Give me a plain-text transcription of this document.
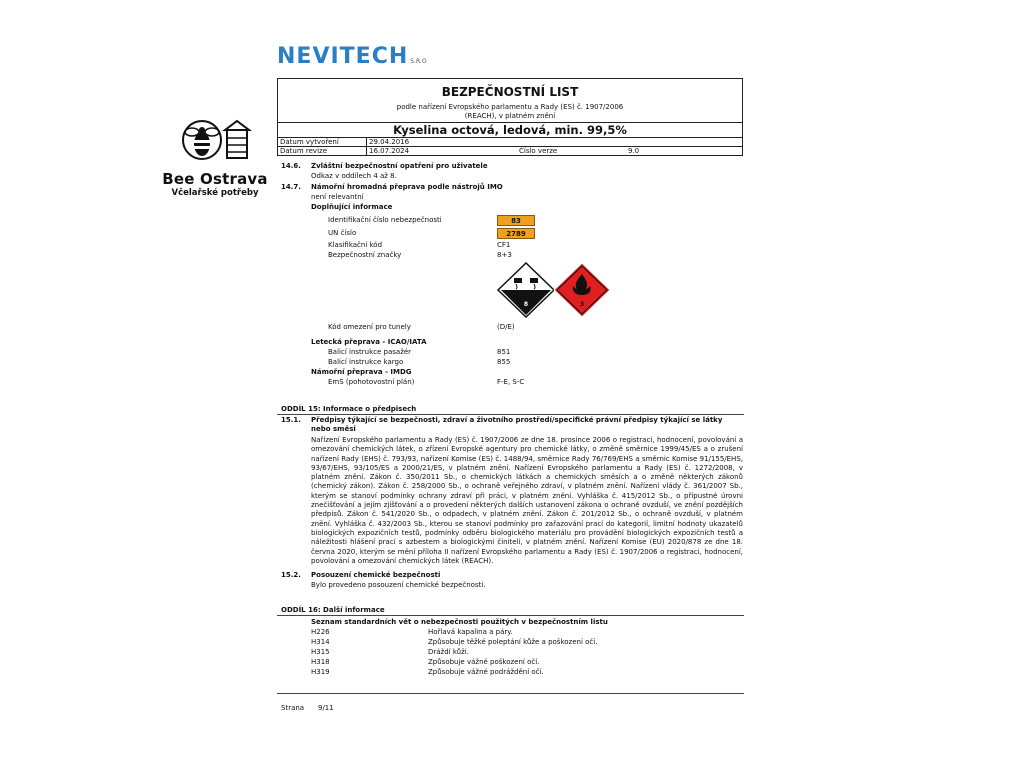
NEVITECH S.R.O
BEZPEČNOSTNÍ LIST
podle nařízení Evropského parlamentu a Rady (ES) č. 1907/2006
(REACH), v platném znění
Kyselina octová, ledová, min. 99,5%
Datum vytvoření	29.04.2016
Datum revize	16.07.2024	Číslo verze	9.0
Bee Ostrava
Včelařské potřeby
14.6. Zvláštní bezpečnostní opatření pro uživatele
Odkaz v oddílech 4 až 8.
14.7. Námořní hromadná přeprava podle nástrojů IMO
není relevantní
Doplňující informace
Identifikační číslo nebezpečnosti	83
UN číslo	2789
Klasifikační kód	CF1
Bezpečnostní značky	8+3
8	3
Kód omezení pro tunely	(D/E)
Letecká přeprava - ICAO/IATA
Balicí instrukce pasažér	851
Balicí instrukce kargo	855
Námořní přeprava - IMDG
EmS (pohotovostní plán)	F-E, S-C
ODDÍL 15: Informace o předpisech
15.1. Předpisy týkající se bezpečnosti, zdraví a životního prostředí/specifické právní předpisy týkající se látky
nebo směsi
Nařízení Evropského parlamentu a Rady (ES) č. 1907/2006 ze dne 18. prosince 2006 o registraci, hodnocení, povolování a omezování chemických látek, o zřízení Evropské agentury pro chemické látky, o změně směrnice 1999/45/ES a o zrušení nařízení Rady (EHS) č. 793/93, nařízení Komise (ES) č. 1488/94, směrnice Rady 76/769/EHS a směrnic Komise 91/155/EHS, 93/67/EHS, 93/105/ES a 2000/21/ES, v platném znění. Nařízení Evropského parlamentu a Rady (ES) č. 1272/2008, v platném znění. Zákon č. 350/2011 Sb., o chemických látkách a chemických směsích a o změně některých zákonů (chemický zákon). Zákon č. 258/2000 Sb., o ochraně veřejného zdraví, v platném znění. Nařízení vlády č. 361/2007 Sb., kterým se stanoví podmínky ochrany zdraví při práci, v platném znění. Vyhláška č. 415/2012 Sb., o přípustné úrovni znečišťování a jejím zjišťování a o provedení některých dalších ustanovení zákona o ochraně ovzduší, ve znění pozdějších předpisů. Zákon č. 541/2020 Sb., o odpadech, v platném znění. Zákon č. 201/2012 Sb., o ochraně ovzduší, v platném znění. Vyhláška č. 432/2003 Sb., kterou se stanoví podmínky pro zařazování prací do kategorií, limitní hodnoty ukazatelů biologických expozičních testů, podmínky odběru biologického materiálu pro provádění biologických expozičních testů a náležitosti hlášení prací s azbestem a biologickými činiteli, v platném znění. Nařízení Komise (EU) 2020/878 ze dne 18. června 2020, kterým se mění příloha II nařízení Evropského parlamentu a Rady (ES) č. 1907/2006 o registraci, hodnocení, povolování a omezování chemických látek (REACH).
15.2. Posouzení chemické bezpečnosti
Bylo provedeno posouzení chemické bezpečnosti.
ODDÍL 16: Další informace
Seznam standardních vět o nebezpečnosti použitých v bezpečnostním listu
H226	Hořlavá kapalina a páry.
H314	Způsobuje těžké poleptání kůže a poškození očí.
H315	Dráždí kůži.
H318	Způsobuje vážné poškození očí.
H319	Způsobuje vážné podráždění očí.
Strana 9/11
